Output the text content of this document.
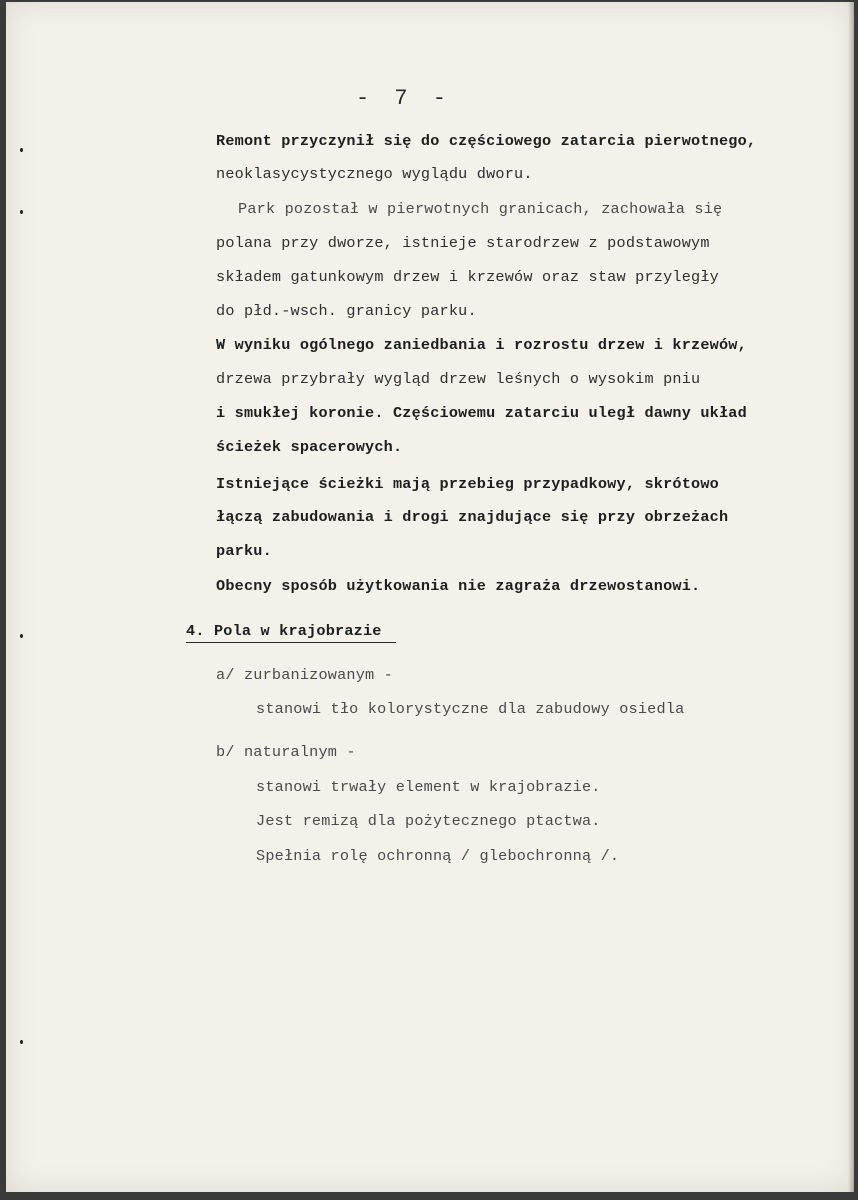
- 7 -
Remont przyczynił się do częściowego zatarcia pierwotnego,
neoklasycystycznego wyglądu dworu.
Park pozostał w pierwotnych granicach, zachowała się
polana przy dworze, istnieje starodrzew z podstawowym
składem gatunkowym drzew i krzewów oraz staw przyległy
do płd.-wsch. granicy parku.
W wyniku ogólnego zaniedbania i rozrostu drzew i krzewów,
drzewa przybrały wygląd drzew leśnych o wysokim pniu
i smukłej koronie. Częściowemu zatarciu uległ dawny układ
ścieżek spacerowych.
Istniejące ścieżki mają przebieg przypadkowy, skrótowo
łączą zabudowania i drogi znajdujące się przy obrzeżach
parku.
Obecny sposób użytkowania nie zagraża drzewostanowi.
4. Pola w krajobrazie
a/ zurbanizowanym -
stanowi tło kolorystyczne dla zabudowy osiedla
b/ naturalnym -
stanowi trwały element w krajobrazie.
Jest remizą dla pożytecznego ptactwa.
Spełnia rolę ochronną / glebochronną /.
